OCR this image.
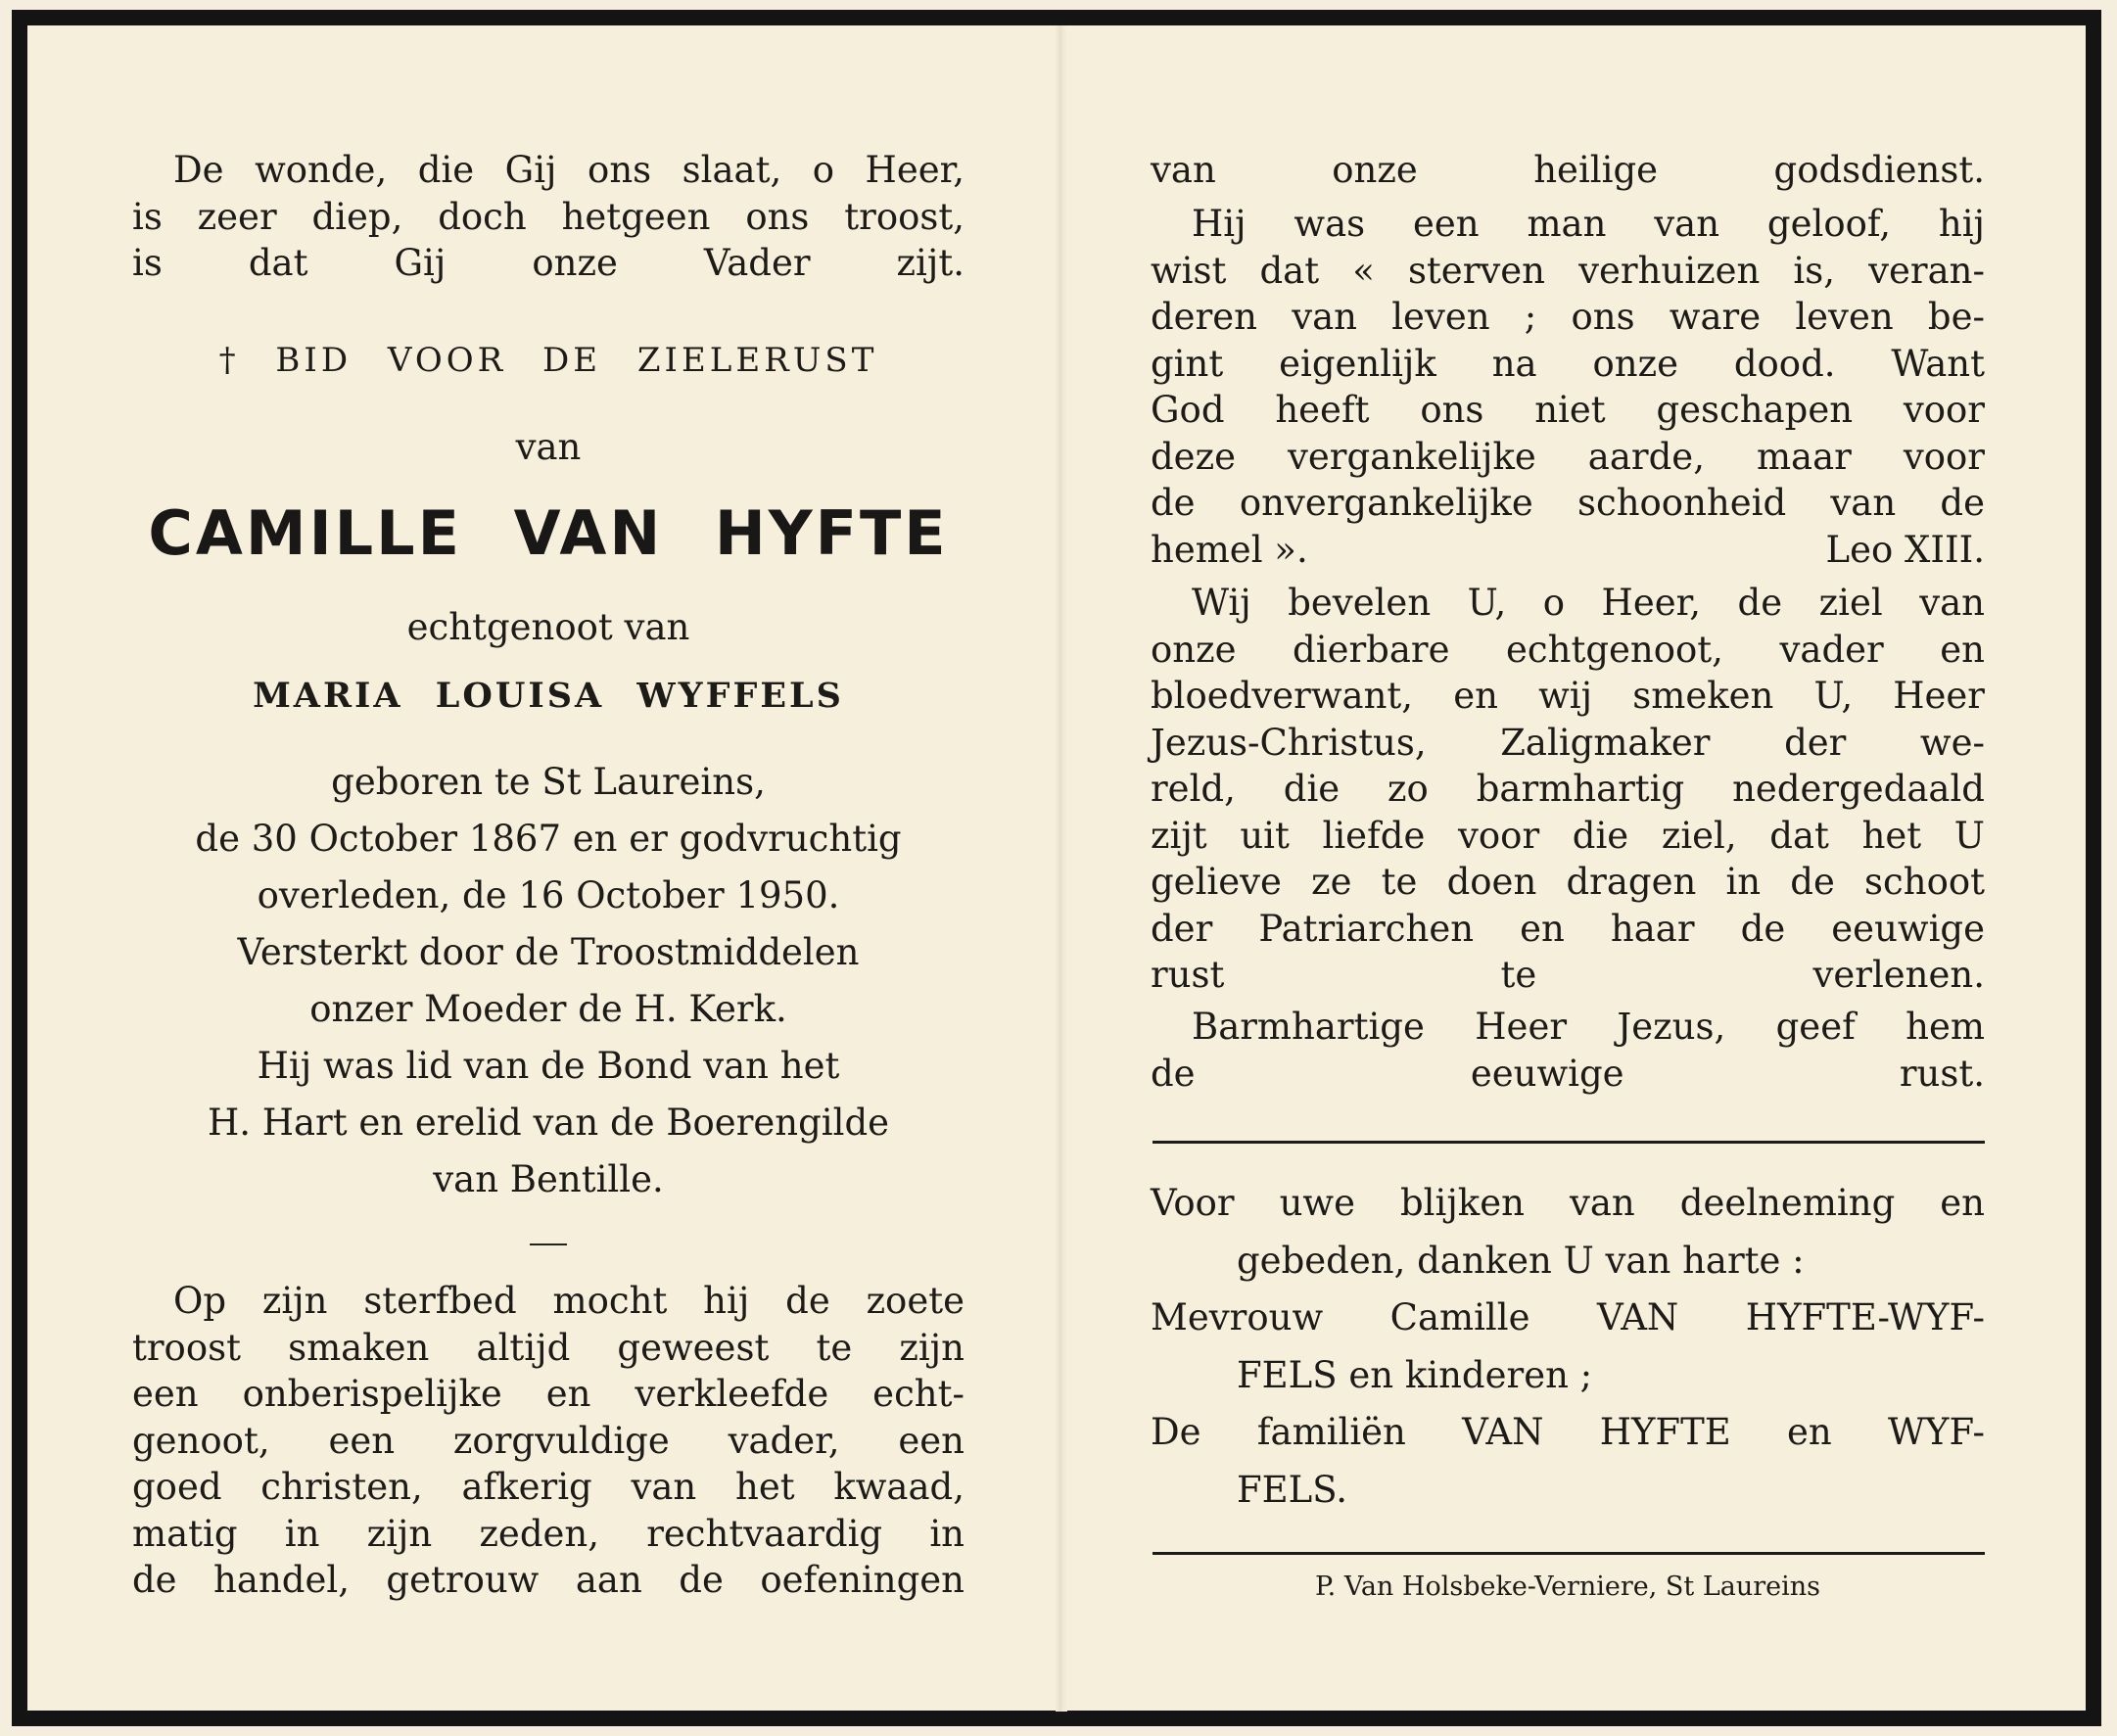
De wonde, die Gij ons slaat, o Heer,
is zeer diep, doch hetgeen ons troost,
is dat Gij onze Vader zijt.

† BID VOOR DE ZIELERUST

van

CAMILLE VAN HYFTE

echtgenoot van

MARIA LOUISA WYFFELS

geboren te St Laureins,

de 30 October 1867 en er godvruchtig

overleden, de 16 October 1950.

Versterkt door de Troostmiddelen

onzer Moeder de H. Kerk.

Hij was lid van de Bond van het

H. Hart en erelid van de Boerengilde

van Bentille.

Op zijn sterfbed mocht hij de zoete
troost smaken altijd geweest te zijn
een onberispelijke en verkleefde echt-
genoot, een zorgvuldige vader, een
goed christen, afkerig van het kwaad,
matig in zijn zeden, rechtvaardig in
de handel, getrouw aan de oefeningen
van onze heilige godsdienst.
Hij was een man van geloof, hij
wist dat « sterven verhuizen is, veran-
deren van leven ; ons ware leven be-
gint eigenlijk na onze dood. Want
God heeft ons niet geschapen voor
deze vergankelijke aarde, maar voor
de onvergankelijke schoonheid van de
hemel ».	Leo XIII.
Wij bevelen U, o Heer, de ziel van
onze dierbare echtgenoot, vader en
bloedverwant, en wij smeken U, Heer
Jezus-Christus, Zaligmaker der we-
reld, die zo barmhartig nedergedaald
zijt uit liefde voor die ziel, dat het U
gelieve ze te doen dragen in de schoot
der Patriarchen en haar de eeuwige
rust te verlenen.
Barmhartige Heer Jezus, geef hem
de eeuwige rust.
Voor uwe blijken van deelneming en
gebeden, danken U van harte :
Mevrouw Camille VAN HYFTE-WYF-
FELS en kinderen ;
De familiën VAN HYFTE en WYF-
FELS.
P. Van Holsbeke-Verniere, St Laureins
